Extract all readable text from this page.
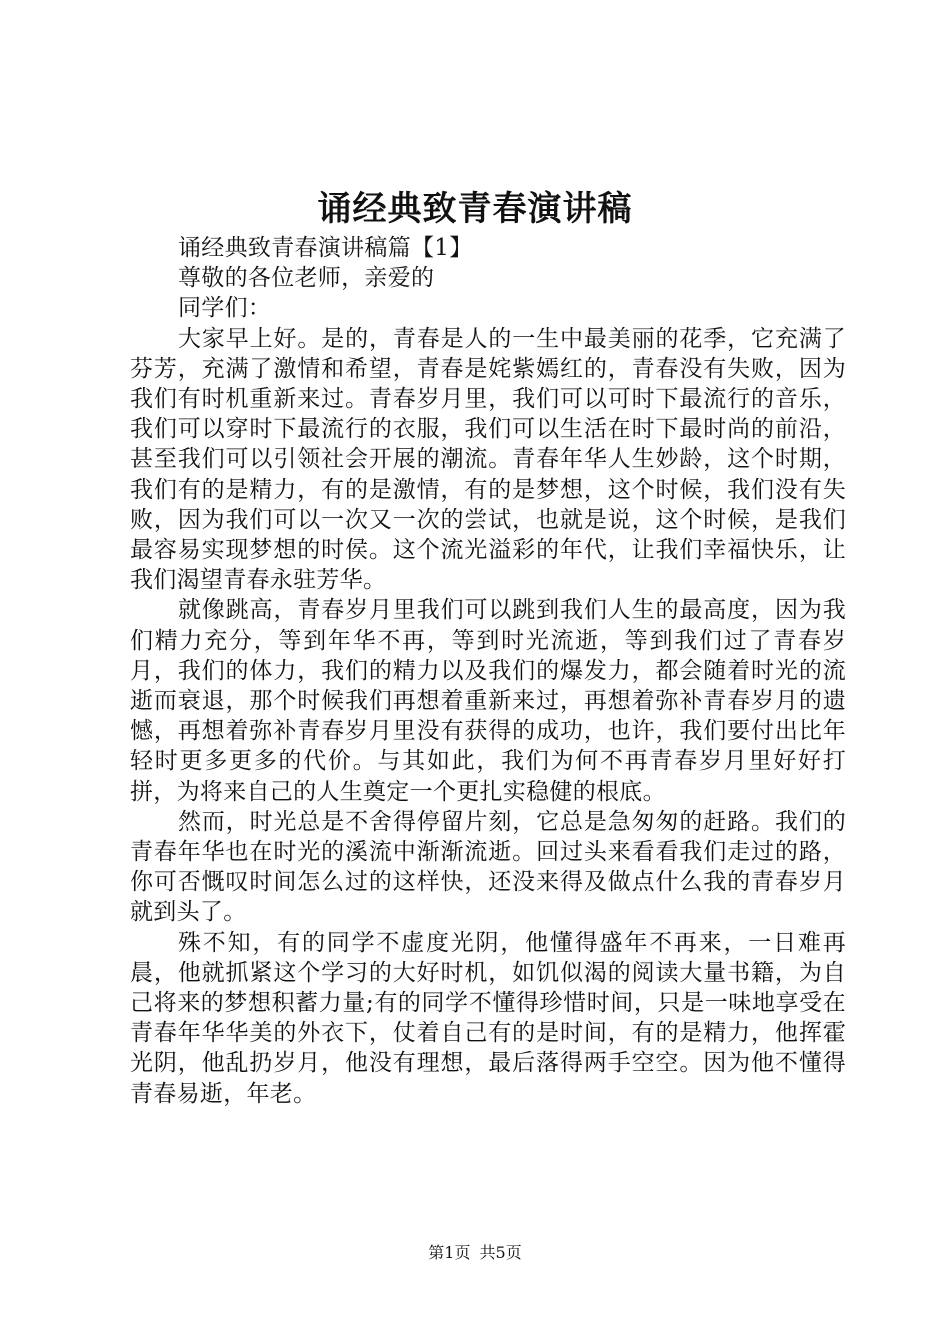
诵经典致青春演讲稿

诵经典致青春演讲稿篇【1】

尊敬的各位老师，亲爱的

同学们：

大家早上好。是的，青春是人的一生中最美丽的花季，它充满了芬芳，充满了激情和希望，青春是姹紫嫣红的，青春没有失败，因为我们有时机重新来过。青春岁月里，我们可以可时下最流行的音乐，我们可以穿时下最流行的衣服，我们可以生活在时下最时尚的前沿，甚至我们可以引领社会开展的潮流。青春年华人生妙龄，这个时期，我们有的是精力，有的是激情，有的是梦想，这个时候，我们没有失败，因为我们可以一次又一次的尝试，也就是说，这个时候，是我们最容易实现梦想的时侯。这个流光溢彩的年代，让我们幸福快乐，让我们渴望青春永驻芳华。

就像跳高，青春岁月里我们可以跳到我们人生的最高度，因为我们精力充分，等到年华不再，等到时光流逝，等到我们过了青春岁月，我们的体力，我们的精力以及我们的爆发力，都会随着时光的流逝而衰退，那个时候我们再想着重新来过，再想着弥补青春岁月的遗憾，再想着弥补青春岁月里没有获得的成功，也许，我们要付出比年轻时更多更多的代价。与其如此，我们为何不再青春岁月里好好打拼，为将来自己的人生奠定一个更扎实稳健的根底。

然而，时光总是不舍得停留片刻，它总是急匆匆的赶路。我们的青春年华也在时光的溪流中渐渐流逝。回过头来看看我们走过的路，你可否慨叹时间怎么过的这样快，还没来得及做点什么我的青春岁月就到头了。

殊不知，有的同学不虚度光阴，他懂得盛年不再来，一日难再晨，他就抓紧这个学习的大好时机，如饥似渴的阅读大量书籍，为自己将来的梦想积蓄力量;有的同学不懂得珍惜时间，只是一味地享受在青春年华华美的外衣下，仗着自己有的是时间，有的是精力，他挥霍光阴，他乱扔岁月，他没有理想，最后落得两手空空。因为他不懂得青春易逝，年老。

第1页 共5页
